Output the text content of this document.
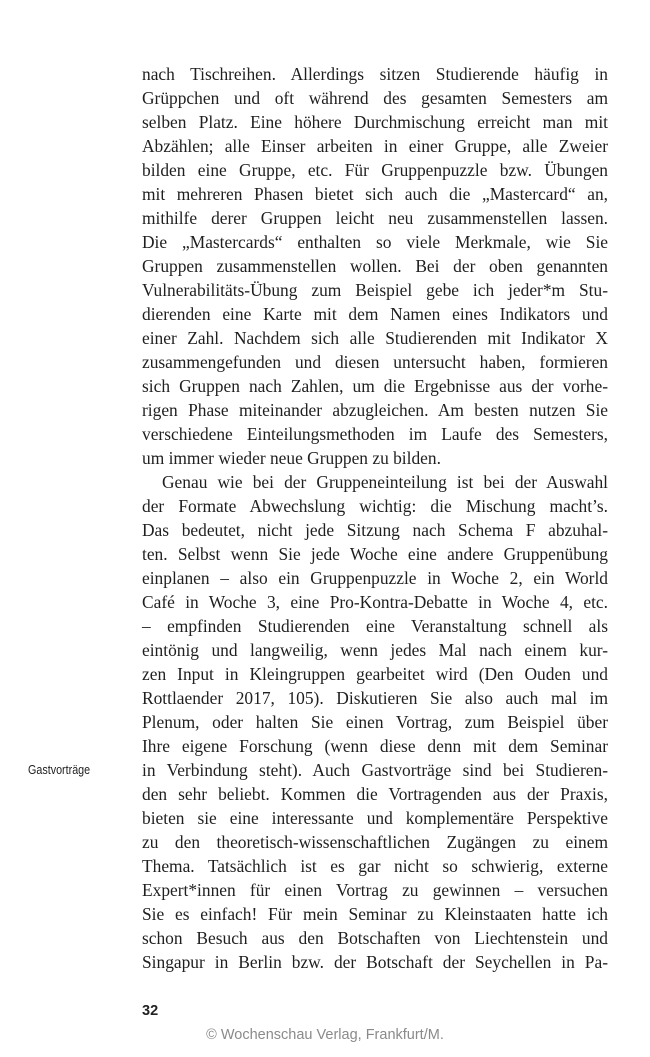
nach Tischreihen. Allerdings sitzen Studierende häufig in
Grüppchen und oft während des gesamten Semesters am
selben Platz. Eine höhere Durchmischung erreicht man mit
Abzählen; alle Einser arbeiten in einer Gruppe, alle Zweier
bilden eine Gruppe, etc. Für Gruppenpuzzle bzw. Übungen
mit mehreren Phasen bietet sich auch die „Mastercard“ an,
mithilfe derer Gruppen leicht neu zusammenstellen lassen.
Die „Mastercards“ enthalten so viele Merkmale, wie Sie
Gruppen zusammenstellen wollen. Bei der oben genannten
Vulnerabilitäts-Übung zum Beispiel gebe ich jeder*m Stu-
dierenden eine Karte mit dem Namen eines Indikators und
einer Zahl. Nachdem sich alle Studierenden mit Indikator X
zusammengefunden und diesen untersucht haben, formieren
sich Gruppen nach Zahlen, um die Ergebnisse aus der vorhe-
rigen Phase miteinander abzugleichen. Am besten nutzen Sie
verschiedene Einteilungsmethoden im Laufe des Semesters,
um immer wieder neue Gruppen zu bilden.
Genau wie bei der Gruppeneinteilung ist bei der Auswahl
der Formate Abwechslung wichtig: die Mischung macht’s.
Das bedeutet, nicht jede Sitzung nach Schema F abzuhal-
ten. Selbst wenn Sie jede Woche eine andere Gruppenübung
einplanen – also ein Gruppenpuzzle in Woche 2, ein World
Café in Woche 3, eine Pro-Kontra-Debatte in Woche 4, etc.
– empfinden Studierenden eine Veranstaltung schnell als
eintönig und langweilig, wenn jedes Mal nach einem kur-
zen Input in Kleingruppen gearbeitet wird (Den Ouden und
Rottlaender 2017, 105). Diskutieren Sie also auch mal im
Plenum, oder halten Sie einen Vortrag, zum Beispiel über
Ihre eigene Forschung (wenn diese denn mit dem Seminar
in Verbindung steht). Auch Gastvorträge sind bei Studieren-
den sehr beliebt. Kommen die Vortragenden aus der Praxis,
bieten sie eine interessante und komplementäre Perspektive
zu den theoretisch-wissenschaftlichen Zugängen zu einem
Thema. Tatsächlich ist es gar nicht so schwierig, externe
Expert*innen für einen Vortrag zu gewinnen – versuchen
Sie es einfach! Für mein Seminar zu Kleinstaaten hatte ich
schon Besuch aus den Botschaften von Liechtenstein und
Singapur in Berlin bzw. der Botschaft der Seychellen in Pa-
Gastvorträge
32
© Wochenschau Verlag, Frankfurt/M.
